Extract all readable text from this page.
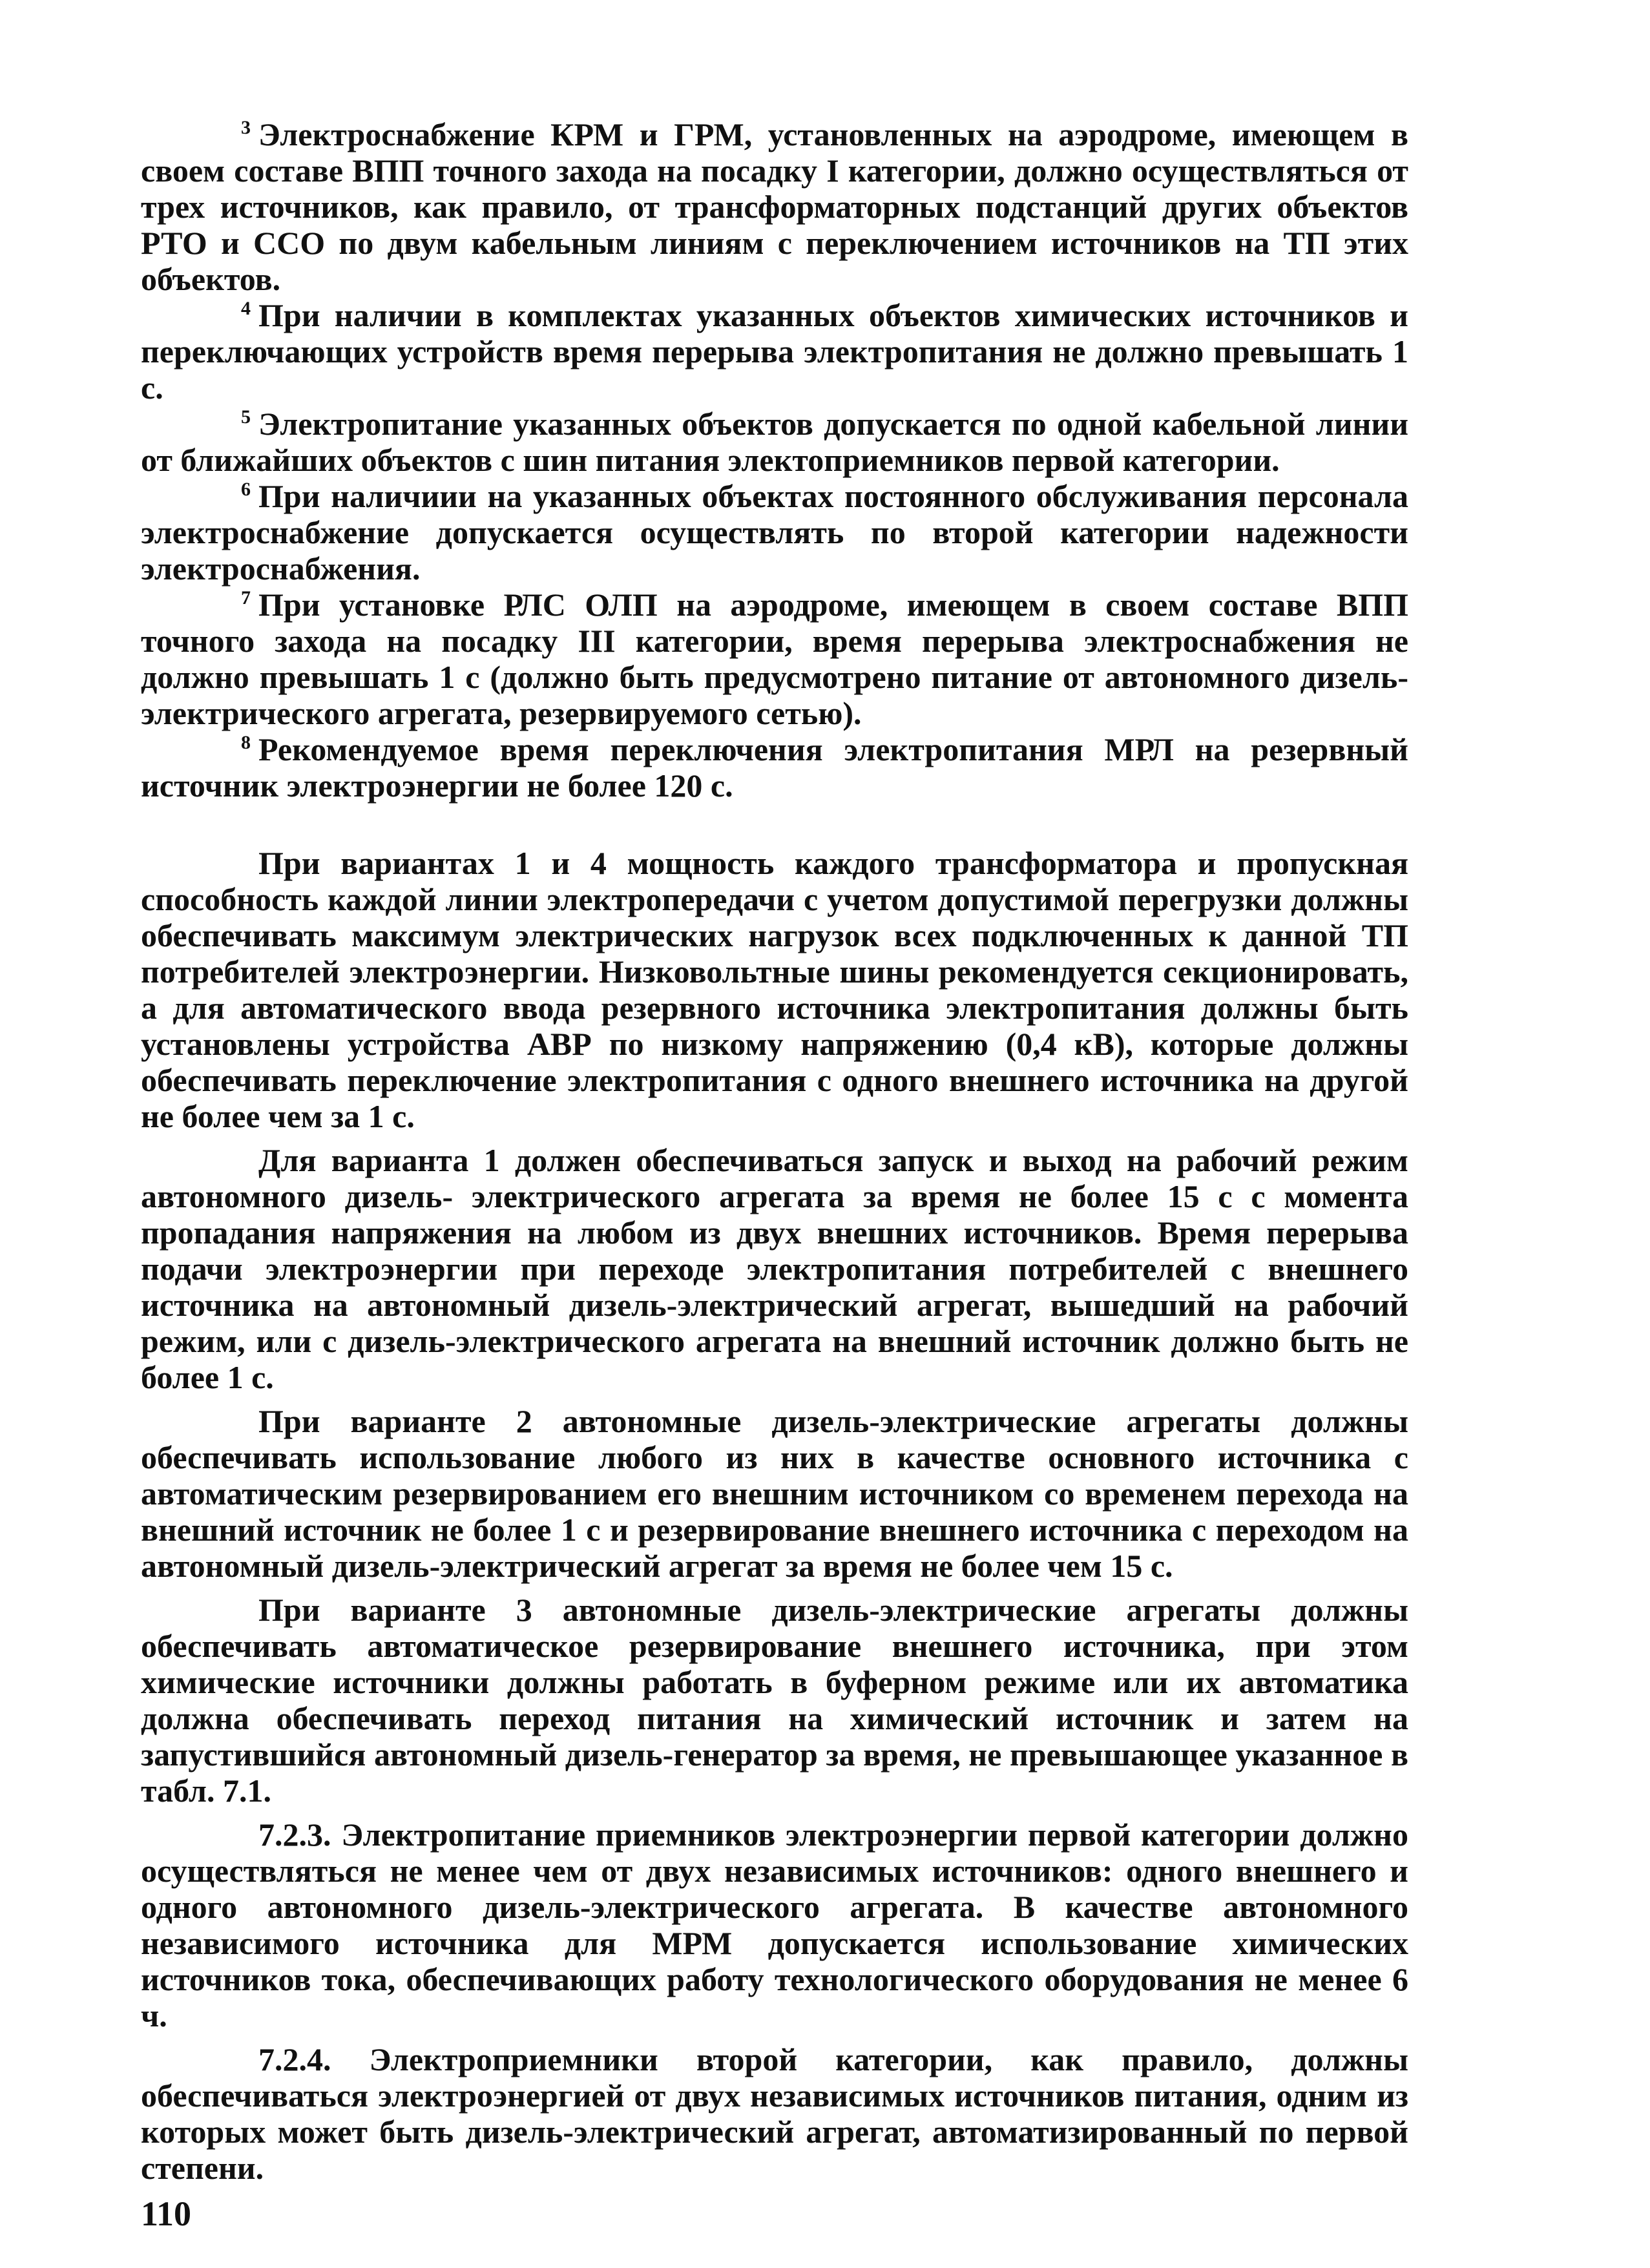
$^3$ Электроснабжение КРМ и ГРМ, установленных на аэродроме, имеющем в своем составе ВПП точного захода на посадку I категории, должно осуществляться от трех источников, как правило, от трансформаторных подстанций других объектов РТО и ССО по двум кабельным линиям с переключением источников на ТП этих объектов.

$^4$ При наличии в комплектах указанных объектов химических источников и переключающих устройств время перерыва электропитания не должно превышать 1 с.

$^5$ Электропитание указанных объектов допускается по одной кабельной линии от ближайших объектов с шин питания электоприемников первой категории.

$^6$ При наличиии на указанных объектах постоянного обслуживания персонала электроснабжение допускается осуществлять по второй категории надежности электроснабжения.

$^7$ При установке РЛС ОЛП на аэродроме, имеющем в своем составе ВПП точного захода на посадку III категории, время перерыва электроснабжения не должно превышать 1 с (должно быть предусмотрено питание от автономного дизель-электрического агрегата, резервируемого сетью).

$^8$ Рекомендуемое время переключения электропитания МРЛ на резервный источник электроэнергии не более 120 с.

При вариантах 1 и 4 мощность каждого трансформатора и пропускная способность каждой линии электропередачи с учетом допустимой перегрузки должны обеспечивать максимум электрических нагрузок всех подключенных к данной ТП потребителей электроэнергии. Низковольтные шины рекомендуется секционировать, а для автоматического ввода резервного источника электропитания должны быть установлены устройства АВР по низкому напряжению (0,4 кВ), которые должны обеспечивать переключение электропитания с одного внешнего источника на другой не более чем за 1 с.

Для варианта 1 должен обеспечиваться запуск и выход на рабочий режим автономного дизель- электрического агрегата за время не более 15 с с момента пропадания напряжения на любом из двух внешних источников. Время перерыва подачи электроэнергии при переходе электропитания потребителей с внешнего источника на автономный дизель-электрический агрегат, вышедший на рабочий режим, или с дизель-электрического агрегата на внешний источник должно быть не более 1 с.

При варианте 2 автономные дизель-электрические агрегаты должны обеспечивать использование любого из них в качестве основного источника с автоматическим резервированием его внешним источником со временем перехода на внешний источник не более 1 с и резервирование внешнего источника с переходом на автономный дизель-электрический агрегат за время не более чем 15 с.

При варианте 3 автономные дизель-электрические агрегаты должны обеспечивать автоматическое резервирование внешнего источника, при этом химические источники должны работать в буферном режиме или их автоматика должна обеспечивать переход питания на химический источник и затем на запустившийся автономный дизель-генератор за время, не превышающее указанное в табл. 7.1.

7.2.3. Электропитание приемников электроэнергии первой категории должно осуществляться не менее чем от двух независимых источников: одного внешнего и одного автономного дизель-электрического агрегата. В качестве автономного независимого источника для МРМ допускается использование химических источников тока, обеспечивающих работу технологического оборудования не менее 6 ч.

7.2.4. Электроприемники второй категории, как правило, должны обеспечиваться электроэнергией от двух независимых источников питания, одним из которых может быть дизель-электрический агрегат, автоматизированный по первой степени.

110
